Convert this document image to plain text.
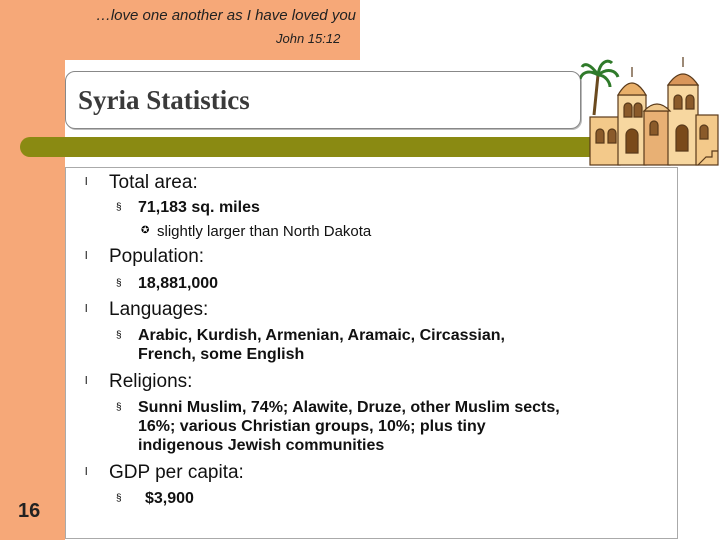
…love one another as I have loved you
John 15:12
Syria Statistics
l Total area:
§ 71,183 sq. miles
✪ slightly larger than North Dakota
l Population:
§ 18,881,000
l Languages:
§ Arabic, Kurdish, Armenian, Aramaic, Circassian,
French, some English
l Religions:
§ Sunni Muslim, 74%; Alawite, Druze, other Muslim sects,
16%; various Christian groups, 10%; plus tiny
indigenous Jewish communities
l GDP per capita:
§ $3,900
16
